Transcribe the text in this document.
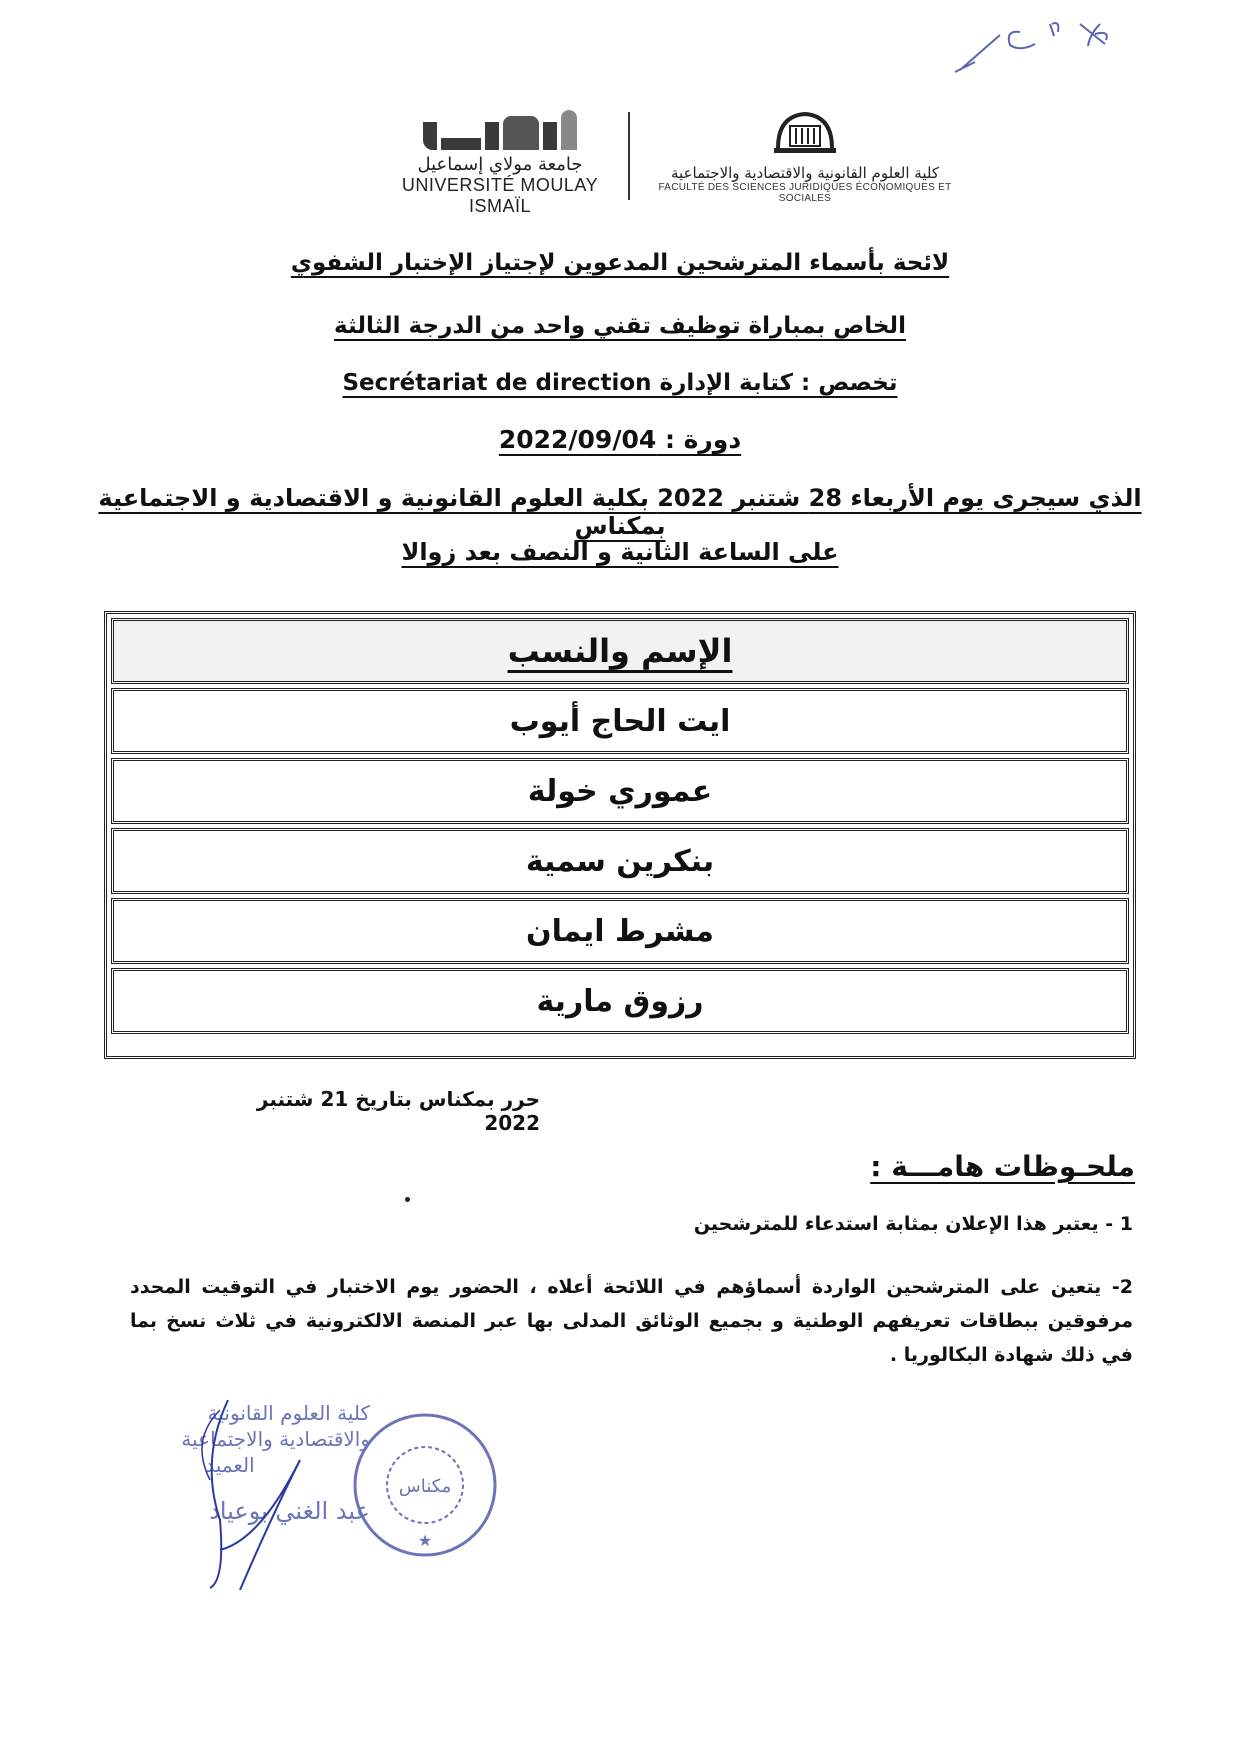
جامعة مولاي إسماعيل
UNIVERSITÉ MOULAY ISMAÏL
كلية العلوم القانونية والاقتصادية والاجتماعية
FACULTÉ DES SCIENCES JURIDIQUES ÉCONOMIQUES ET SOCIALES
لائحة بأسماء المترشحين المدعوين لإجتياز الإختبار الشفوي
الخاص بمباراة توظيف تقني واحد من الدرجة الثالثة
تخصص : كتابة الإدارة Secrétariat de direction
دورة : 2022/09/04
الذي سيجرى يوم الأربعاء 28 شتنبر 2022 بكلية العلوم القانونية و الاقتصادية و الاجتماعية بمكناس
على الساعة الثانية و النصف بعد زوالا
الإسم والنسب
ايت الحاج أيوب
عموري خولة
بنكرين سمية
مشرط ايمان
رزوق مارية
حرر بمكناس بتاريخ 21 شتنبر 2022
ملحـوظات هامـــة :
1 - يعتبر هذا الإعلان بمثابة استدعاء للمترشحين
2- يتعين على المترشحين الواردة أسماؤهم في اللائحة أعلاه ، الحضور يوم الاختبار في التوقيت المحدد مرفوقين ببطاقات تعريفهم الوطنية و بجميع الوثائق المدلى بها عبر المنصة الالكترونية في ثلاث نسخ بما في ذلك شهادة البكالوريا .
كلية العلوم القانونية
والاقتصادية والاجتماعية
العميد
عبد الغني بوعياد
مكناس
★
